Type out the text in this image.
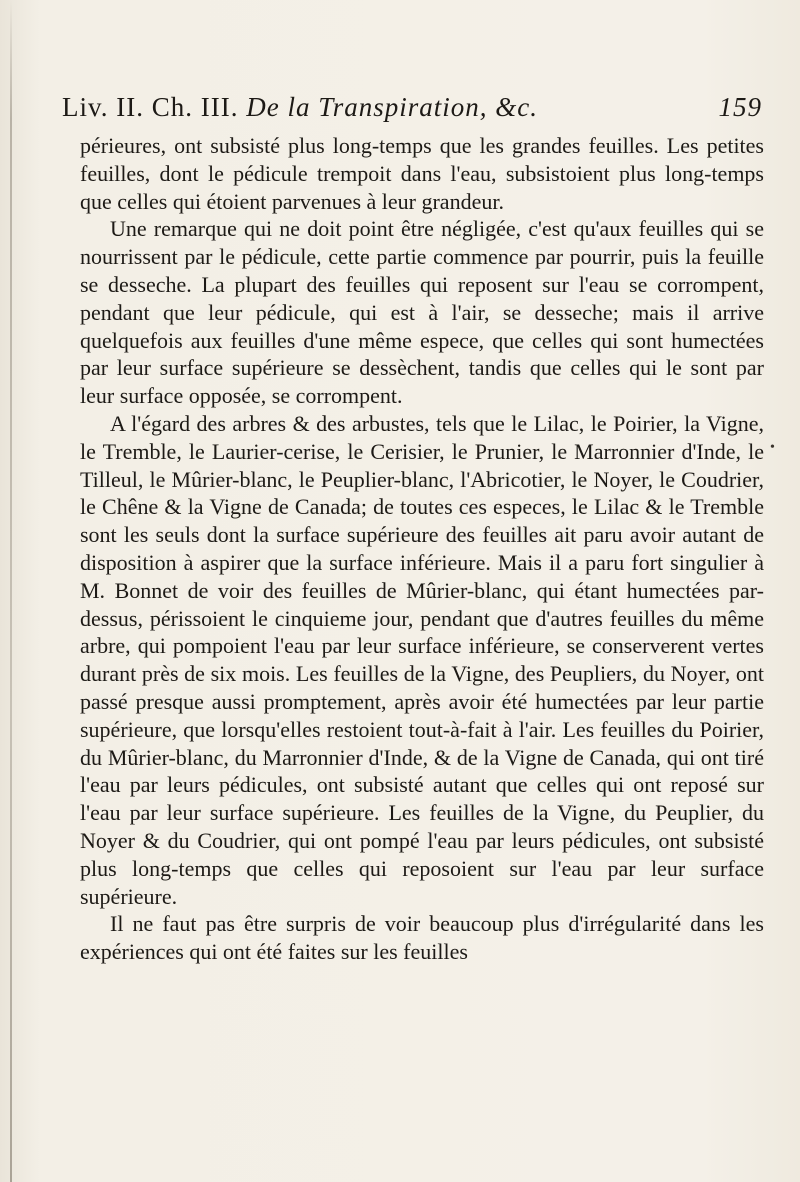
Liv. II. Ch. III. De la Transpiration, &c.	159

périeures, ont subsisté plus long-temps que les grandes feuilles. Les petites feuilles, dont le pédicule trempoit dans l'eau, subsistoient plus long-temps que celles qui étoient parvenues à leur grandeur.

Une remarque qui ne doit point être négligée, c'est qu'aux feuilles qui se nourrissent par le pédicule, cette partie commence par pourrir, puis la feuille se desseche. La plupart des feuilles qui reposent sur l'eau se corrompent, pendant que leur pédicule, qui est à l'air, se desseche; mais il arrive quelquefois aux feuilles d'une même espece, que celles qui sont humectées par leur surface supérieure se dessèchent, tandis que celles qui le sont par leur surface opposée, se corrompent.

A l'égard des arbres & des arbustes, tels que le Lilac, le Poirier, la Vigne, le Tremble, le Laurier-cerise, le Cerisier, le Prunier, le Marronnier d'Inde, le Tilleul, le Mûrier-blanc, le Peuplier-blanc, l'Abricotier, le Noyer, le Coudrier, le Chêne & la Vigne de Canada; de toutes ces especes, le Lilac & le Tremble sont les seuls dont la surface supérieure des feuilles ait paru avoir autant de disposition à aspirer que la surface inférieure. Mais il a paru fort singulier à M. Bonnet de voir des feuilles de Mûrier-blanc, qui étant humectées par-dessus, périssoient le cinquieme jour, pendant que d'autres feuilles du même arbre, qui pompoient l'eau par leur surface inférieure, se conserverent vertes durant près de six mois. Les feuilles de la Vigne, des Peupliers, du Noyer, ont passé presque aussi promptement, après avoir été humectées par leur partie supérieure, que lorsqu'elles restoient tout-à-fait à l'air. Les feuilles du Poirier, du Mûrier-blanc, du Marronnier d'Inde, & de la Vigne de Canada, qui ont tiré l'eau par leurs pédicules, ont subsisté autant que celles qui ont reposé sur l'eau par leur surface supérieure. Les feuilles de la Vigne, du Peuplier, du Noyer & du Coudrier, qui ont pompé l'eau par leurs pédicules, ont subsisté plus long-temps que celles qui reposoient sur l'eau par leur surface supérieure.

Il ne faut pas être surpris de voir beaucoup plus d'irrégularité dans les expériences qui ont été faites sur les feuilles

•
